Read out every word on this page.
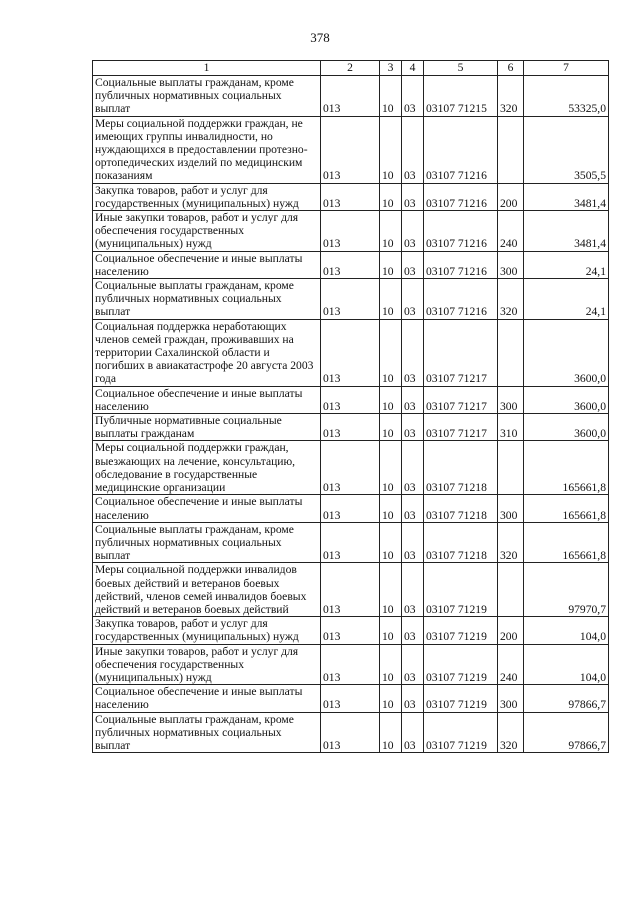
378
1	2	3	4	5	6	7
Социальные выплаты гражданам, кроме публичных нормативных социальных выплат	013	10	03	03107 71215	320	53325,0
Меры социальной поддержки граждан, не имеющих группы инвалидности, но нуждающихся в предоставлении протезно-ортопедических изделий по медицинским показаниям	013	10	03	03107 71216		3505,5
Закупка товаров, работ и услуг для государственных (муниципальных) нужд	013	10	03	03107 71216	200	3481,4
Иные закупки товаров, работ и услуг для обеспечения государственных (муниципальных) нужд	013	10	03	03107 71216	240	3481,4
Социальное обеспечение и иные выплаты населению	013	10	03	03107 71216	300	24,1
Социальные выплаты гражданам, кроме публичных нормативных социальных выплат	013	10	03	03107 71216	320	24,1
Социальная поддержка неработающих членов семей граждан, проживавших на территории Сахалинской области и погибших в авиакатастрофе 20 августа 2003 года	013	10	03	03107 71217		3600,0
Социальное обеспечение и иные выплаты населению	013	10	03	03107 71217	300	3600,0
Публичные нормативные социальные выплаты гражданам	013	10	03	03107 71217	310	3600,0
Меры социальной поддержки граждан, выезжающих на лечение, консультацию, обследование в государственные медицинские организации	013	10	03	03107 71218		165661,8
Социальное обеспечение и иные выплаты населению	013	10	03	03107 71218	300	165661,8
Социальные выплаты гражданам, кроме публичных нормативных социальных выплат	013	10	03	03107 71218	320	165661,8
Меры социальной поддержки инвалидов боевых действий и ветеранов боевых действий, членов семей инвалидов боевых действий и ветеранов боевых действий	013	10	03	03107 71219		97970,7
Закупка товаров, работ и услуг для государственных (муниципальных) нужд	013	10	03	03107 71219	200	104,0
Иные закупки товаров, работ и услуг для обеспечения государственных (муниципальных) нужд	013	10	03	03107 71219	240	104,0
Социальное обеспечение и иные выплаты населению	013	10	03	03107 71219	300	97866,7
Социальные выплаты гражданам, кроме публичных нормативных социальных выплат	013	10	03	03107 71219	320	97866,7
